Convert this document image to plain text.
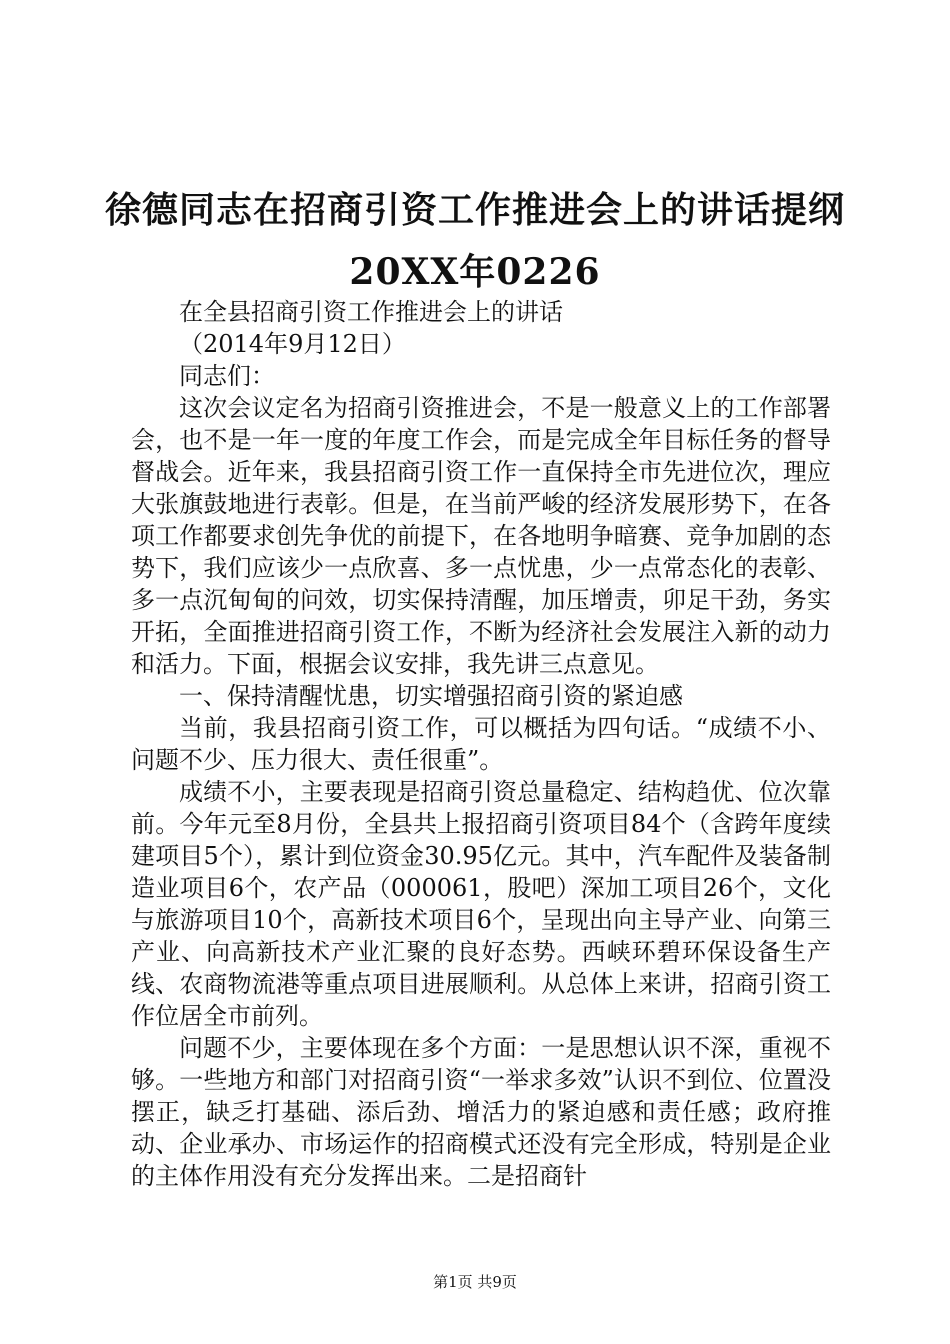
徐德同志在招商引资工作推进会上的讲话提纲
20XX年0226

在全县招商引资工作推进会上的讲话

（2014年9月12日）

同志们：

这次会议定名为招商引资推进会，不是一般意义上的工作部署会，也不是一年一度的年度工作会，而是完成全年目标任务的督导督战会。近年来，我县招商引资工作一直保持全市先进位次，理应大张旗鼓地进行表彰。但是，在当前严峻的经济发展形势下，在各项工作都要求创先争优的前提下，在各地明争暗赛、竞争加剧的态势下，我们应该少一点欣喜、多一点忧患，少一点常态化的表彰、多一点沉甸甸的问效，切实保持清醒，加压增责，卯足干劲，务实开拓，全面推进招商引资工作，不断为经济社会发展注入新的动力和活力。下面，根据会议安排，我先讲三点意见。

一、保持清醒忧患，切实增强招商引资的紧迫感

当前，我县招商引资工作，可以概括为四句话。“成绩不小、问题不少、压力很大、责任很重”。

成绩不小，主要表现是招商引资总量稳定、结构趋优、位次靠前。今年元至8月份，全县共上报招商引资项目84个（含跨年度续建项目5个），累计到位资金30.95亿元。其中，汽车配件及装备制造业项目6个，农产品（000061，股吧）深加工项目26个，文化与旅游项目10个，高新技术项目6个，呈现出向主导产业、向第三产业、向高新技术产业汇聚的良好态势。西峡环碧环保设备生产线、农商物流港等重点项目进展顺利。从总体上来讲，招商引资工作位居全市前列。

问题不少，主要体现在多个方面：一是思想认识不深，重视不够。一些地方和部门对招商引资“一举求多效”认识不到位、位置没摆正，缺乏打基础、添后劲、增活力的紧迫感和责任感；政府推动、企业承办、市场运作的招商模式还没有完全形成，特别是企业的主体作用没有充分发挥出来。二是招商针

第1页 共9页
